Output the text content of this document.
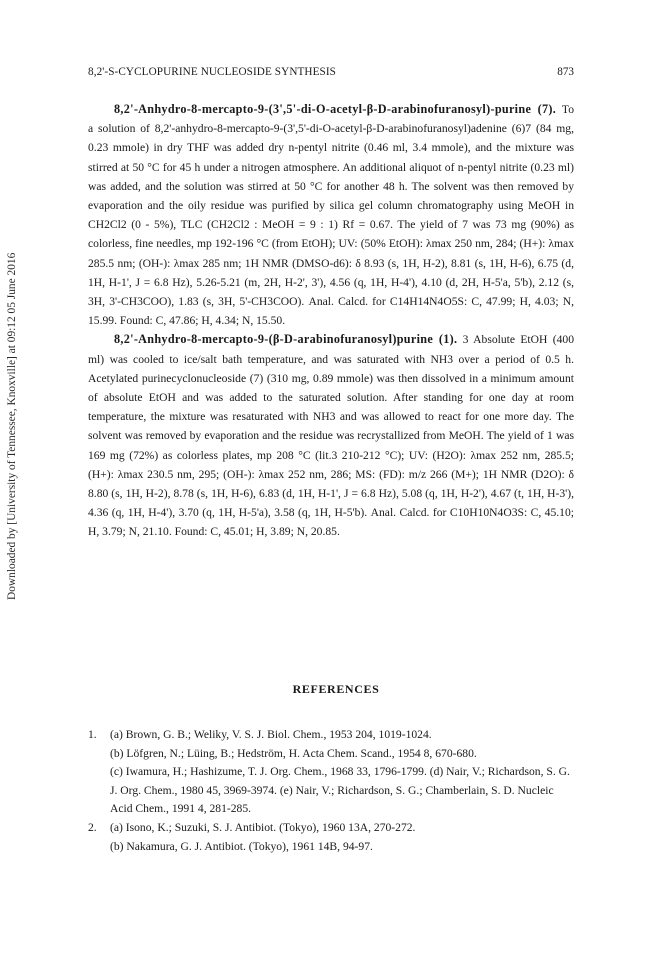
8,2'-S-CYCLOPURINE NUCLEOSIDE SYNTHESIS	873
Downloaded by [University of Tennessee, Knoxville] at 09:12 05 June 2016

8,2'-Anhydro-8-mercapto-9-(3',5'-di-O-acetyl-β-D-arabinofuranosyl)-purine (7). To a solution of 8,2'-anhydro-8-mercapto-9-(3',5'-di-O-acetyl-β-D-arabinofuranosyl)adenine (6)7 (84 mg, 0.23 mmole) in dry THF was added dry n-pentyl nitrite (0.46 ml, 3.4 mmole), and the mixture was stirred at 50 °C for 45 h under a nitrogen atmosphere. An additional aliquot of n-pentyl nitrite (0.23 ml) was added, and the solution was stirred at 50 °C for another 48 h. The solvent was then removed by evaporation and the oily residue was purified by silica gel column chromatography using MeOH in CH2Cl2 (0 - 5%), TLC (CH2Cl2 : MeOH = 9 : 1) Rf = 0.67. The yield of 7 was 73 mg (90%) as colorless, fine needles, mp 192-196 °C (from EtOH); UV: (50% EtOH): λmax 250 nm, 284; (H+): λmax 285.5 nm; (OH-): λmax 285 nm; 1H NMR (DMSO-d6): δ 8.93 (s, 1H, H-2), 8.81 (s, 1H, H-6), 6.75 (d, 1H, H-1', J = 6.8 Hz), 5.26-5.21 (m, 2H, H-2', 3'), 4.56 (q, 1H, H-4'), 4.10 (d, 2H, H-5'a, 5'b), 2.12 (s, 3H, 3'-CH3COO), 1.83 (s, 3H, 5'-CH3COO). Anal. Calcd. for C14H14N4O5S: C, 47.99; H, 4.03; N, 15.99. Found: C, 47.86; H, 4.34; N, 15.50.

8,2'-Anhydro-8-mercapto-9-(β-D-arabinofuranosyl)purine (1). 3 Absolute EtOH (400 ml) was cooled to ice/salt bath temperature, and was saturated with NH3 over a period of 0.5 h. Acetylated purinecyclonucleoside (7) (310 mg, 0.89 mmole) was then dissolved in a minimum amount of absolute EtOH and was added to the saturated solution. After standing for one day at room temperature, the mixture was resaturated with NH3 and was allowed to react for one more day. The solvent was removed by evaporation and the residue was recrystallized from MeOH. The yield of 1 was 169 mg (72%) as colorless plates, mp 208 °C (lit.3 210-212 °C); UV: (H2O): λmax 252 nm, 285.5; (H+): λmax 230.5 nm, 295; (OH-): λmax 252 nm, 286; MS: (FD): m/z 266 (M+); 1H NMR (D2O): δ 8.80 (s, 1H, H-2), 8.78 (s, 1H, H-6), 6.83 (d, 1H, H-1', J = 6.8 Hz), 5.08 (q, 1H, H-2'), 4.67 (t, 1H, H-3'), 4.36 (q, 1H, H-4'), 3.70 (q, 1H, H-5'a), 3.58 (q, 1H, H-5'b). Anal. Calcd. for C10H10N4O3S: C, 45.10; H, 3.79; N, 21.10. Found: C, 45.01; H, 3.89; N, 20.85.

REFERENCES
1. (a) Brown, G. B.; Weliky, V. S. J. Biol. Chem., 1953 204, 1019-1024.
(b) Löfgren, N.; Lüing, B.; Hedström, H. Acta Chem. Scand., 1954 8, 670-680.
(c) Iwamura, H.; Hashizume, T. J. Org. Chem., 1968 33, 1796-1799. (d) Nair, V.; Richardson, S. G. J. Org. Chem., 1980 45, 3969-3974. (e) Nair, V.; Richardson, S. G.; Chamberlain, S. D. Nucleic Acid Chem., 1991 4, 281-285.
2. (a) Isono, K.; Suzuki, S. J. Antibiot. (Tokyo), 1960 13A, 270-272.
(b) Nakamura, G. J. Antibiot. (Tokyo), 1961 14B, 94-97.
